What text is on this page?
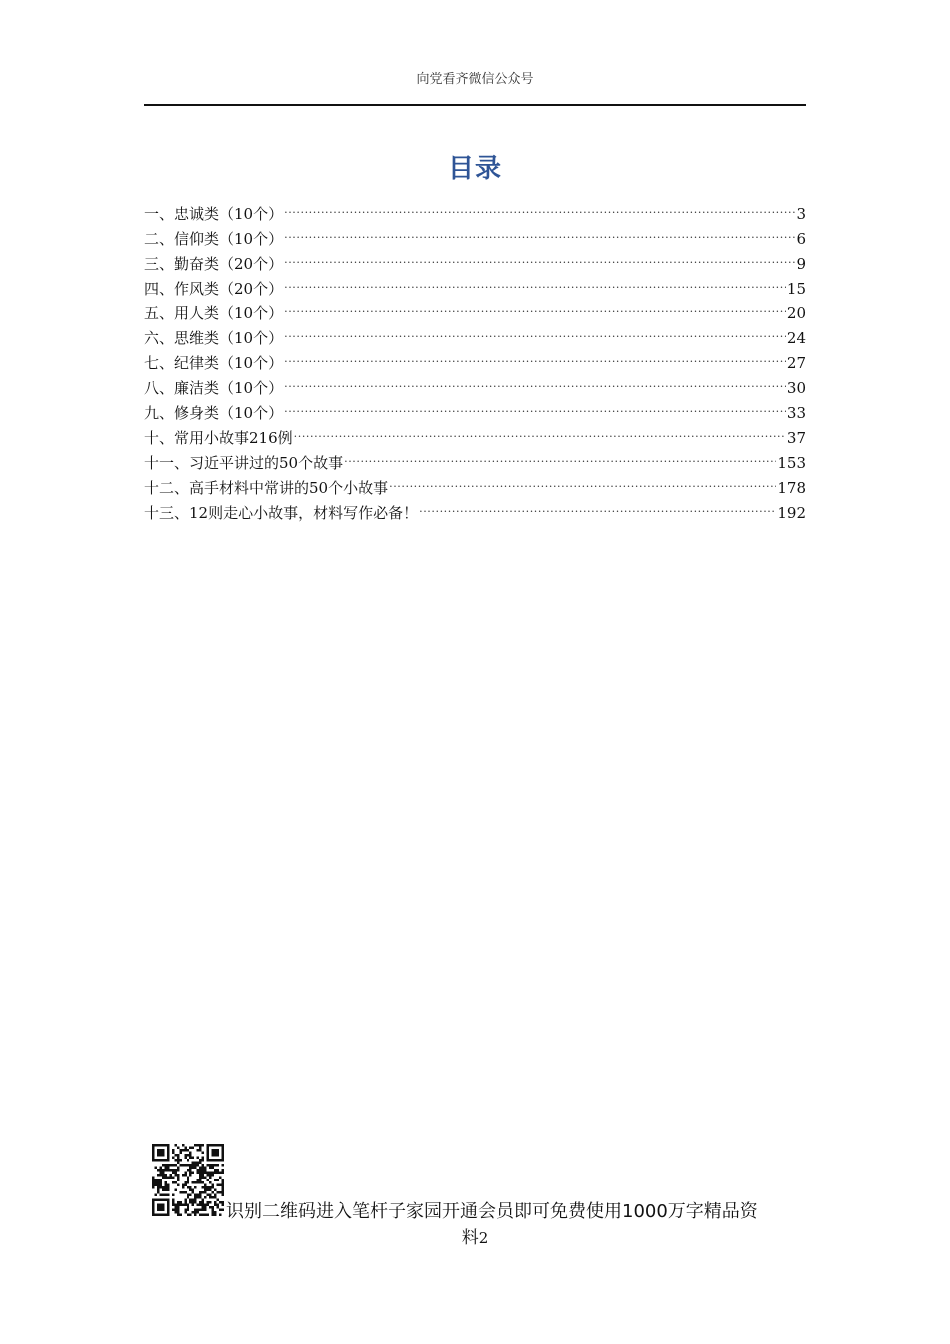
向党看齐微信公众号
目录
一、忠诚类（10个） .....	3
二、信仰类（10个） .....	6
三、勤奋类（20个） .....	9
四、作风类（20个） .....	15
五、用人类（10个） .....	20
六、思维类（10个） .....	24
七、纪律类（10个） .....	27
八、廉洁类（10个） .....	30
九、修身类（10个） .....	33
十、常用小故事216例 .....	37
十一、习近平讲过的50个故事 .....	153
十二、高手材料中常讲的50个小故事 .....	178
十三、12则走心小故事，材料写作必备！ .....	192
识别二维码进入笔杆子家园开通会员即可免费使用1000万字精品资
料2
